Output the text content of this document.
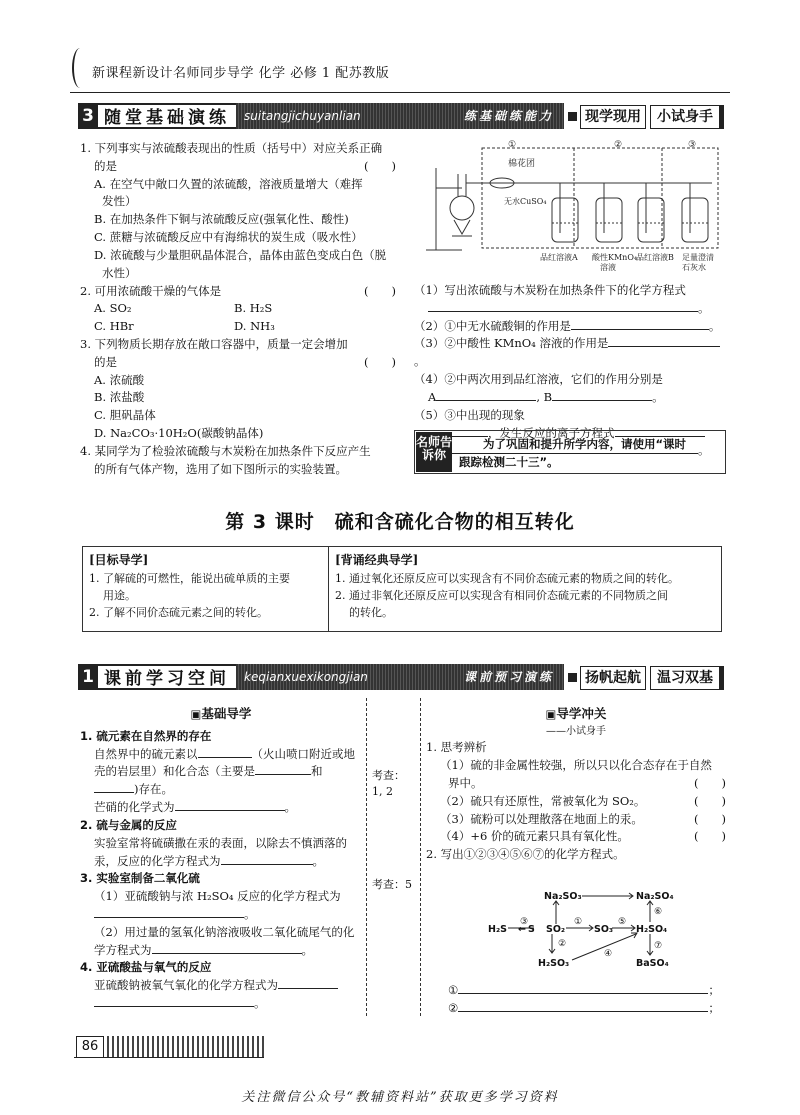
新课程新设计名师同步导学 化学 必修 1 配苏教版
3 随堂基础演练	suitangjichuyanlian	练基础练能力	现学现用	小试身手

1. 下列事实与浓硫酸表现出的性质（括号中）对应关系正确

的是	(　　)

A. 在空气中敞口久置的浓硫酸，溶液质量增大（难挥

发性）

B. 在加热条件下铜与浓硫酸反应(强氧化性、酸性)

C. 蔗糖与浓硫酸反应中有海绵状的炭生成（吸水性）

D. 浓硫酸与少量胆矾晶体混合，晶体由蓝色变成白色（脱

水性）

2. 可用浓硫酸干燥的气体是	(　　)

A. SO₂	B. H₂S

C. HBr	D. NH₃

3. 下列物质长期存放在敞口容器中，质量一定会增加

的是	(　　)

A. 浓硫酸

B. 浓盐酸

C. 胆矾晶体

D. Na₂CO₃·10H₂O(碳酸钠晶体)

4. 某同学为了检验浓硫酸与木炭粉在加热条件下反应产生

的所有气体产物，选用了如下图所示的实验装置。

①	②	③
棉花团
无水CuSO₄
品红溶液A 酸性KMnO₄
溶液
品红溶液B 足量澄清
石灰水

（1）写出浓硫酸与木炭粉在加热条件下的化学方程式

。

（2）①中无水硫酸铜的作用是	。

（3）②中酸性 KMnO₄ 溶液的作用是。

（4）②中两次用到品红溶液，它们的作用分别是

A	, B	。

（5）③中出现的现象

，发生反应的离子方程式

。

为了巩固和提升所学内容，请使用“课时

跟踪检测二十三”。

名师告诉你
第 3 课时　硫和含硫化合物的相互转化

[目标导学]

1. 了解硫的可燃性，能说出硫单质的主要

用途。

2. 了解不同价态硫元素之间的转化。

[背诵经典导学]

1. 通过氧化还原反应可以实现含有不同价态硫元素的物质之间的转化。

2. 通过非氧化还原反应可以实现含有相同价态硫元素的不同物质之间

的转化。

1 课前学习空间	keqianxuexikongjian	课前预习演练	扬帆起航	温习双基

▣基础导学

1. 硫元素在自然界的存在

自然界中的硫元素以	（火山喷口附近或地

壳的岩层里）和化合态（主要是	和

)存在。

芒硝的化学式为	。

2. 硫与金属的反应

实验室常将硫磺撒在汞的表面，以除去不慎洒落的

汞，反应的化学方程式为	。

3. 实验室制备二氧化硫

（1）亚硫酸钠与浓 H₂SO₄ 反应的化学方程式为

。

（2）用过量的氢氧化钠溶液吸收二氧化硫尾气的化

学方程式为	。

4. 亚硫酸盐与氧气的反应

亚硫酸钠被氧气氧化的化学方程式为

。

考查：

1, 2

考查：5

▣导学冲关

——小试身手

1. 思考辨析

（1）硫的非金属性较强，所以只以化合态存在于自然

界中。	(　　)

（2）硫只有还原性，常被氧化为 SO₂。	(　　)

（3）硫粉可以处理散落在地面上的汞。	(　　)

（4）+6 价的硫元素只具有氧化性。	(　　)

2. 写出①②③④⑤⑥⑦的化学方程式。

Na₂SO₃	Na₂SO₄
H₂S ← S SO₂	SO₃ H₂SO₄
H₂SO₃	BaSO₄
①
②
③
④
⑤
⑥
⑦
①	；
②	；
86
关注微信公众号“教辅资料站”获取更多学习资料
